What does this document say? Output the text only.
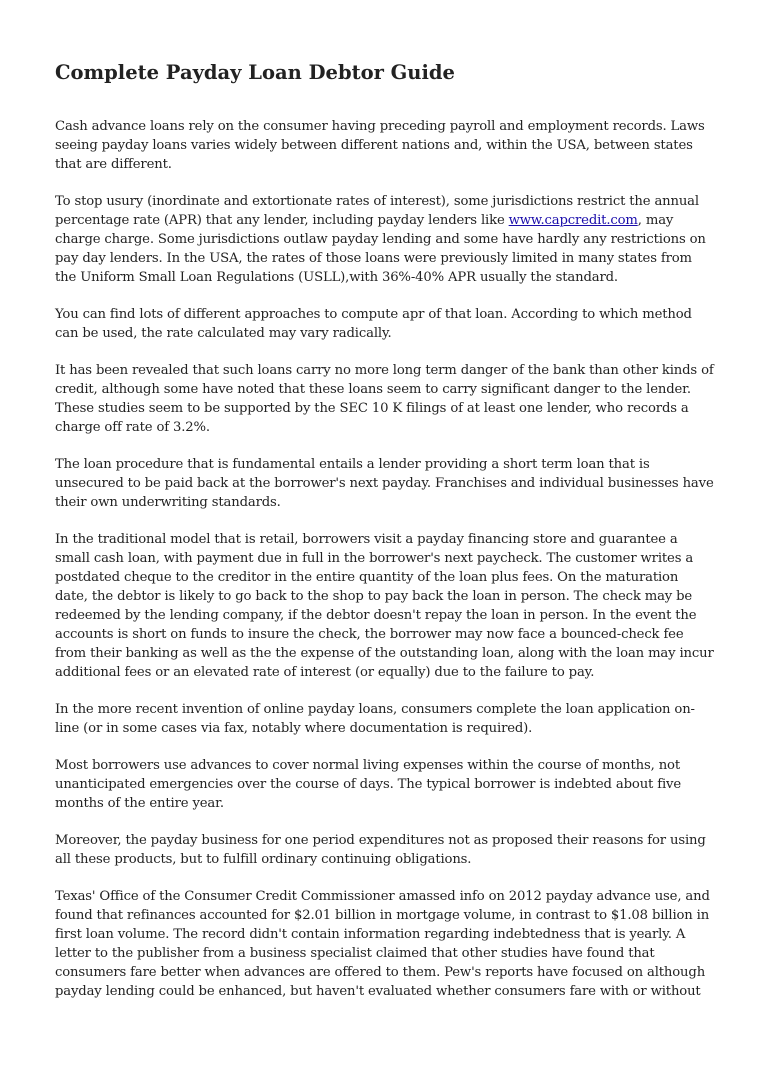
Complete Payday Loan Debtor Guide

Cash advance loans rely on the consumer having preceding payroll and employment records. Laws seeing payday loans varies widely between different nations and, within the USA, between states that are different.

To stop usury (inordinate and extortionate rates of interest), some jurisdictions restrict the annual percentage rate (APR) that any lender, including payday lenders like www.capcredit.com, may charge charge. Some jurisdictions outlaw payday lending and some have hardly any restrictions on pay day lenders. In the USA, the rates of those loans were previously limited in many states from the Uniform Small Loan Regulations (USLL),with 36%-40% APR usually the standard.

You can find lots of different approaches to compute apr of that loan. According to which method can be used, the rate calculated may vary radically.

It has been revealed that such loans carry no more long term danger of the bank than other kinds of credit, although some have noted that these loans seem to carry significant danger to the lender. These studies seem to be supported by the SEC 10 K filings of at least one lender, who records a charge off rate of 3.2%.

The loan procedure that is fundamental entails a lender providing a short term loan that is unsecured to be paid back at the borrower's next payday. Franchises and individual businesses have their own underwriting standards.

In the traditional model that is retail, borrowers visit a payday financing store and guarantee a small cash loan, with payment due in full in the borrower's next paycheck. The customer writes a postdated cheque to the creditor in the entire quantity of the loan plus fees. On the maturation date, the debtor is likely to go back to the shop to pay back the loan in person. The check may be redeemed by the lending company, if the debtor doesn't repay the loan in person. In the event the accounts is short on funds to insure the check, the borrower may now face a bounced-check fee from their banking as well as the the expense of the outstanding loan, along with the loan may incur additional fees or an elevated rate of interest (or equally) due to the failure to pay.

In the more recent invention of online payday loans, consumers complete the loan application on-line (or in some cases via fax, notably where documentation is required).

Most borrowers use advances to cover normal living expenses within the course of months, not unanticipated emergencies over the course of days. The typical borrower is indebted about five months of the entire year.

Moreover, the payday business for one period expenditures not as proposed their reasons for using all these products, but to fulfill ordinary continuing obligations.

Texas' Office of the Consumer Credit Commissioner amassed info on 2012 payday advance use, and found that refinances accounted for $2.01 billion in mortgage volume, in contrast to $1.08 billion in first loan volume. The record didn't contain information regarding indebtedness that is yearly. A letter to the publisher from a business specialist claimed that other studies have found that consumers fare better when advances are offered to them. Pew's reports have focused on although payday lending could be enhanced, but haven't evaluated whether consumers fare with or without
